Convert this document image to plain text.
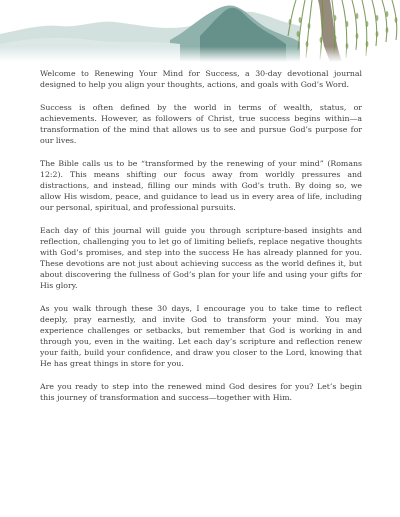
Welcome to Renewing Your Mind for Success, a 30-day devotional journal designed to help you align your thoughts, actions, and goals with God’s Word.

Success is often defined by the world in terms of wealth, status, or achievements. However, as followers of Christ, true success begins within—a transformation of the mind that allows us to see and pursue God’s purpose for our lives.

The Bible calls us to be “transformed by the renewing of your mind” (Romans 12:2). This means shifting our focus away from worldly pressures and distractions, and instead, filling our minds with God’s truth. By doing so, we allow His wisdom, peace, and guidance to lead us in every area of life, including our personal, spiritual, and professional pursuits.

Each day of this journal will guide you through scripture-based insights and reflection, challenging you to let go of limiting beliefs, replace negative thoughts with God’s promises, and step into the success He has already planned for you. These devotions are not just about achieving success as the world defines it, but about discovering the fullness of God’s plan for your life and using your gifts for His glory.

As you walk through these 30 days, I encourage you to take time to reflect deeply, pray earnestly, and invite God to transform your mind. You may experience challenges or setbacks, but remember that God is working in and through you, even in the waiting. Let each day’s scripture and reflection renew your faith, build your confidence, and draw you closer to the Lord, knowing that He has great things in store for you.

Are you ready to step into the renewed mind God desires for you? Let’s begin this journey of transformation and success—together with Him.
